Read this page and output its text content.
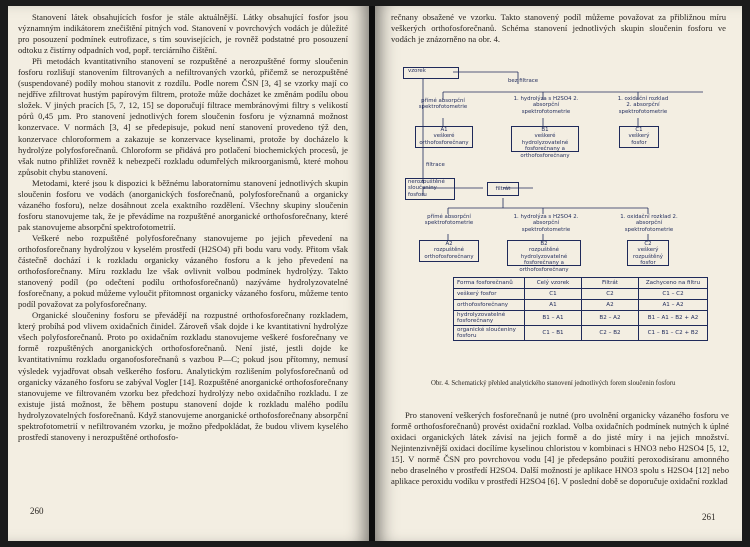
Stanovení látek obsahujících fosfor je stále aktuálnější. Látky obsahující fosfor jsou významným indikátorem znečištění pitných vod. Stanovení v povrchových vodách je důležité pro posouzení podmínek eutrofizace, s tím souvisejících, je rovněž podstatné pro posouzení odtoku z čistírny odpadních vod, popř. terciárního čištění.

Při metodách kvantitativního stanovení se rozpuštěné a nerozpuštěné formy sloučenin fosforu rozlišují stanovením filtrovaných a nefiltrovaných vzorků, přičemž se nerozpuštěné (suspendované) podíly mohou stanovit z rozdílu. Podle norem ČSN [3, 4] se vzorky mají co nejdříve zfiltrovat hustým papírovým filtrem, protože může docházet ke změnám podílu obou složek. V jiných pracích [5, 7, 12, 15] se doporučují filtrace membránovými filtry s velikostí pórů 0,45 µm. Pro stanovení jednotlivých forem sloučenin fosforu je významná možnost konzervace. V normách [3, 4] se předepisuje, pokud není stanovení provedeno týž den, konzervace chloroformem a zakazuje se konzervace kyselinami, protože by docházelo k hydrolýze polyfosforečnanů. Chloroform se přidává pro potlačení biochemických procesů, je však nutno přihlížet rovněž k nebezpečí rozkladu odumřelých mikroorganismů, které mohou způsobit chybu stanovení.

Metodami, které jsou k dispozici k běžnému laboratornímu stanovení jednotlivých skupin sloučenin fosforu ve vodách (anorganických fosforečnanů, polyfosforečnanů a organicky vázaného fosforu), nelze dosáhnout zcela exaktního rozdělení. Všechny skupiny sloučenin fosforu stanovujeme tak, že je převádíme na rozpuštěné anorganické orthofosforečnany, které pak stanovujeme absorpční spektrofotometrií.

Veškeré nebo rozpuštěné polyfosforečnany stanovujeme po jejich převedení na orthofosforečnany hydrolýzou v kyselém prostředí (H2SO4) při bodu varu vody. Přitom však částečně dochází i k rozkladu organicky vázaného fosforu a k jeho převedení na orthofosforečnany. Míru rozkladu lze však ovlivnit volbou podmínek hydrolýzy. Takto stanovený podíl (po odečtení podílu orthofosforečnanů) nazýváme hydrolyzovatelné fosforečnany, a pokud můžeme vyloučit přítomnost organicky vázaného fosforu, můžeme tento podíl považovat za polyfosforečnany.

Organické sloučeniny fosforu se převádějí na rozpustné orthofosforečnany rozkladem, který probíhá pod vlivem oxidačních činidel. Zároveň však dojde i ke kvantitativní hydrolýze všech polyfosforečnanů. Proto po oxidačním rozkladu stanovujeme veškeré fosforečnany ve formě rozpuštěných anorganických orthofosforečnanů. Není jisté, jestli dojde ke kvantitativnímu rozkladu organofosforečnanů s vazbou P—C; pokud jsou přítomny, nemusí výsledek vyjadřovat obsah veškerého fosforu. Analytickým rozlišením polyfosforečnanů od organicky vázaného fosforu se zabýval Vogler [14]. Rozpuštěné anorganické orthofosforečnany stanovujeme ve filtrovaném vzorku bez předchozí hydrolýzy nebo oxidačního rozkladu. I ze existuje jistá možnost, že během postupu stanovení dojde k rozkladu malého podílu hydrolyzovatelných fosforečnanů. Když stanovujeme anorganické orthofosforečnany absorpční spektrofotometrií v nefiltrovaném vzorku, je možno předpokládat, že budou vlivem kyselého prostředí stanoveny i nerozpuštěné orthofosfo-

260
rečnany obsažené ve vzorku. Takto stanovený podíl můžeme považovat za přibližnou míru veškerých orthofosforečnanů. Schéma stanovení jednotlivých skupin sloučenin fosforu ve vodách je znázorněno na obr. 4.
vzorek
bez filtrace
přímé absorpční spektrofotometrie
1. hydrolýza s H2SO4 2. absorpční spektrofotometrie
1. oxidační rozklad 2. absorpční spektrofotometrie
A1
veškeré orthofosforečnany
B1
veškeré hydrolyzovatelné fosforečnany a orthofosforečnany
C1
veškerý fosfor
filtrace
nerozpuštěné sloučeniny fosforu
filtrát
přímé absorpční spektrofotometrie
1. hydrolýza s H2SO4 2. absorpční spektrofotometrie
1. oxidační rozklad 2. absorpční spektrofotometrie
A2
rozpuštěné orthofosforečnany
B2
rozpuštěné hydrolyzovatelné fosforečnany a orthofosforečnany
C2
veškerý rozpuštěný fosfor
Forma fosforečnanů	Celý vzorek	Filtrát	Zachyceno na filtru
veškerý fosfor	C1	C2	C1 – C2
orthofosforečnany	A1	A2	A1 – A2
hydrolyzovatelné fosforečnany	B1 – A1	B2 – A2	B1 – A1 – B2 + A2
organické sloučeniny fosforu	C1 – B1	C2 – B2	C1 – B1 – C2 + B2
Obr. 4. Schematický přehled analytického stanovení jednotlivých forem sloučenin fosforu

Pro stanovení veškerých fosforečnanů je nutné (pro uvolnění organicky vázaného fosforu ve formě orthofosforečnanů) provést oxidační rozklad. Volba oxidačních podmínek nutných k úplné oxidaci organických látek závisí na jejich formě a do jisté míry i na jejich množství. Nejintenzivnější oxidaci docílíme kyselinou chloristou v kombinaci s HNO3 nebo H2SO4 [5, 12, 15]. V normě ČSN pro povrchovou vodu [4] je předepsáno použití peroxodisíranu amonného nebo draselného v prostředí H2SO4. Další možností je aplikace HNO3 spolu s H2SO4 [12] nebo aplikace peroxidu vodíku v prostředí H2SO4 [6]. V poslední době se doporučuje oxidační rozklad

261
